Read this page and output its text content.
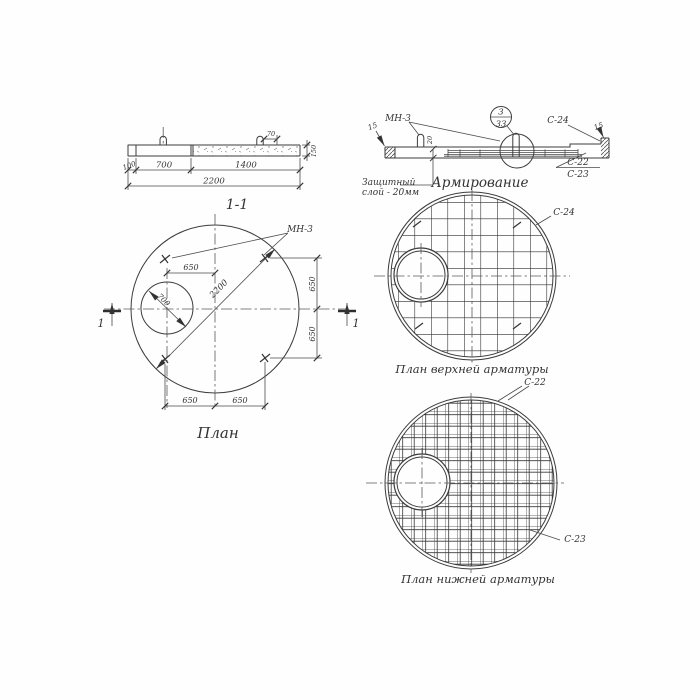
70
100 700	1400
2200
150
1-1
3
33
МН-3
15	15
20
Защитный
слой - 20мм
С-24
С-22
С-23
Армирование
700	2200
650
МН-3
650
650
650	650
1	1
План
С-24
План верхней арматуры
С-22
С-23
План нижней арматуры
